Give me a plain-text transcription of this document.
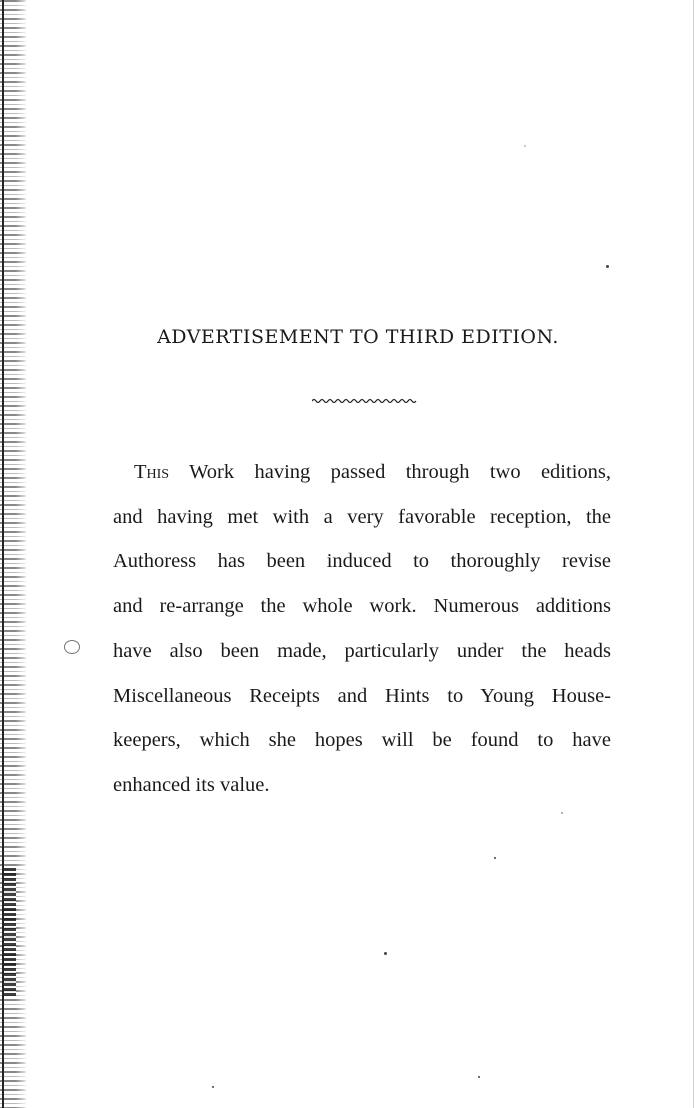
ADVERTISEMENT TO THIRD EDITION.
This Work having passed through two editions,
and having met with a very favorable reception, the
Authoress has been induced to thoroughly revise
and re-arrange the whole work. Numerous additions
have also been made, particularly under the heads
Miscellaneous Receipts and Hints to Young House-
keepers, which she hopes will be found to have
enhanced its value.
